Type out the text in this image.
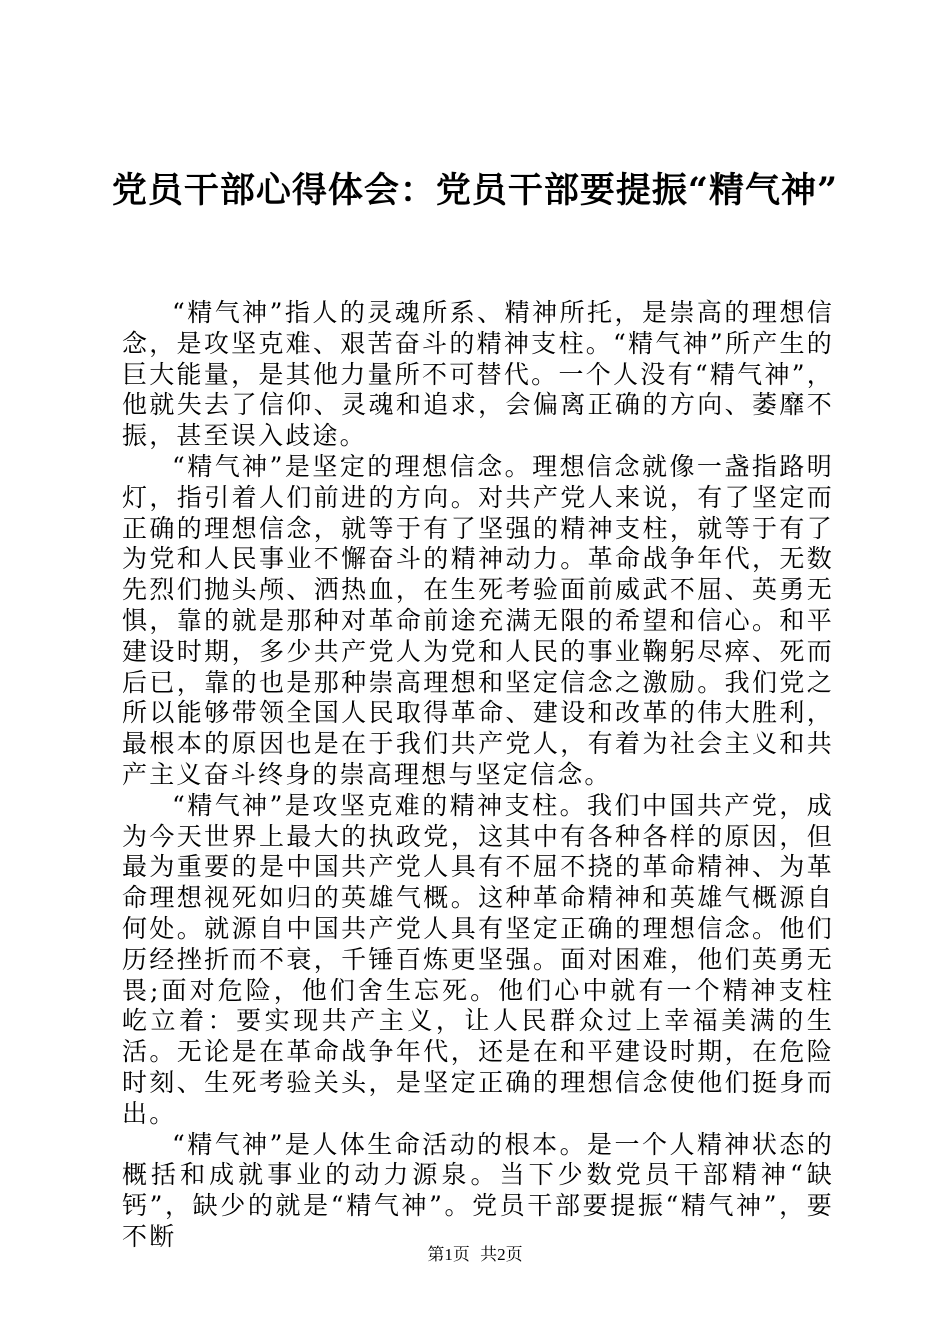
党员干部心得体会：党员干部要提振“精气神”

“精气神”指人的灵魂所系、精神所托，是崇高的理想信念，是攻坚克难、艰苦奋斗的精神支柱。“精气神”所产生的巨大能量，是其他力量所不可替代。一个人没有“精气神”，他就失去了信仰、灵魂和追求，会偏离正确的方向、萎靡不振，甚至误入歧途。

“精气神”是坚定的理想信念。理想信念就像一盏指路明灯，指引着人们前进的方向。对共产党人来说，有了坚定而正确的理想信念，就等于有了坚强的精神支柱，就等于有了为党和人民事业不懈奋斗的精神动力。革命战争年代，无数先烈们抛头颅、洒热血，在生死考验面前威武不屈、英勇无惧，靠的就是那种对革命前途充满无限的希望和信心。和平建设时期，多少共产党人为党和人民的事业鞠躬尽瘁、死而后已，靠的也是那种崇高理想和坚定信念之激励。我们党之所以能够带领全国人民取得革命、建设和改革的伟大胜利，最根本的原因也是在于我们共产党人，有着为社会主义和共产主义奋斗终身的崇高理想与坚定信念。

“精气神”是攻坚克难的精神支柱。我们中国共产党，成为今天世界上最大的执政党，这其中有各种各样的原因，但最为重要的是中国共产党人具有不屈不挠的革命精神、为革命理想视死如归的英雄气概。这种革命精神和英雄气概源自何处。就源自中国共产党人具有坚定正确的理想信念。他们历经挫折而不衰，千锤百炼更坚强。面对困难，他们英勇无畏;面对危险，他们舍生忘死。他们心中就有一个精神支柱屹立着：要实现共产主义，让人民群众过上幸福美满的生活。无论是在革命战争年代，还是在和平建设时期，在危险时刻、生死考验关头，是坚定正确的理想信念使他们挺身而出。

“精气神”是人体生命活动的根本。是一个人精神状态的概括和成就事业的动力源泉。当下少数党员干部精神“缺钙”，缺少的就是“精气神”。党员干部要提振“精气神”，要不断

第1页 共2页
